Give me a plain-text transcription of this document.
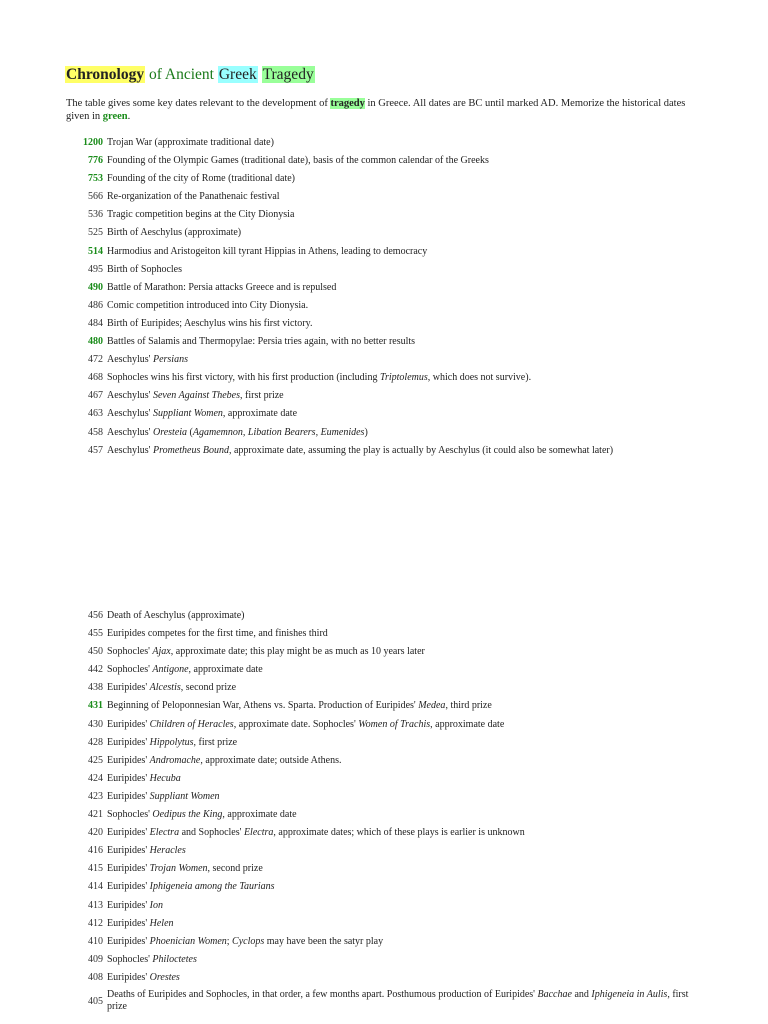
Chronology of Ancient Greek Tragedy
The table gives some key dates relevant to the development of tragedy in Greece. All dates are BC until marked AD. Memorize the historical dates given in green.
1200 Trojan War (approximate traditional date)
776 Founding of the Olympic Games (traditional date), basis of the common calendar of the Greeks
753 Founding of the city of Rome (traditional date)
566 Re-organization of the Panathenaic festival
536 Tragic competition begins at the City Dionysia
525 Birth of Aeschylus (approximate)
514 Harmodius and Aristogeiton kill tyrant Hippias in Athens, leading to democracy
495 Birth of Sophocles
490 Battle of Marathon: Persia attacks Greece and is repulsed
486 Comic competition introduced into City Dionysia.
484 Birth of Euripides; Aeschylus wins his first victory.
480 Battles of Salamis and Thermopylae: Persia tries again, with no better results
472 Aeschylus' Persians
468 Sophocles wins his first victory, with his first production (including Triptolemus, which does not survive).
467 Aeschylus' Seven Against Thebes, first prize
463 Aeschylus' Suppliant Women, approximate date
458 Aeschylus' Oresteia (Agamemnon, Libation Bearers, Eumenides)
457 Aeschylus' Prometheus Bound, approximate date, assuming the play is actually by Aeschylus (it could also be somewhat later)
456 Death of Aeschylus (approximate)
455 Euripides competes for the first time, and finishes third
450 Sophocles' Ajax, approximate date; this play might be as much as 10 years later
442 Sophocles' Antigone, approximate date
438 Euripides' Alcestis, second prize
431 Beginning of Peloponnesian War, Athens vs. Sparta. Production of Euripides' Medea, third prize
430 Euripides' Children of Heracles, approximate date. Sophocles' Women of Trachis, approximate date
428 Euripides' Hippolytus, first prize
425 Euripides' Andromache, approximate date; outside Athens.
424 Euripides' Hecuba
423 Euripides' Suppliant Women
421 Sophocles' Oedipus the King, approximate date
420 Euripides' Electra and Sophocles' Electra, approximate dates; which of these plays is earlier is unknown
416 Euripides' Heracles
415 Euripides' Trojan Women, second prize
414 Euripides' Iphigeneia among the Taurians
413 Euripides' Ion
412 Euripides' Helen
410 Euripides' Phoenician Women; Cyclops may have been the satyr play
409 Sophocles' Philoctetes
408 Euripides' Orestes
405
Deaths of Euripides and Sophocles, in that order, a few months apart. Posthumous production of Euripides' Bacchae and Iphigeneia in Aulis, first prize
